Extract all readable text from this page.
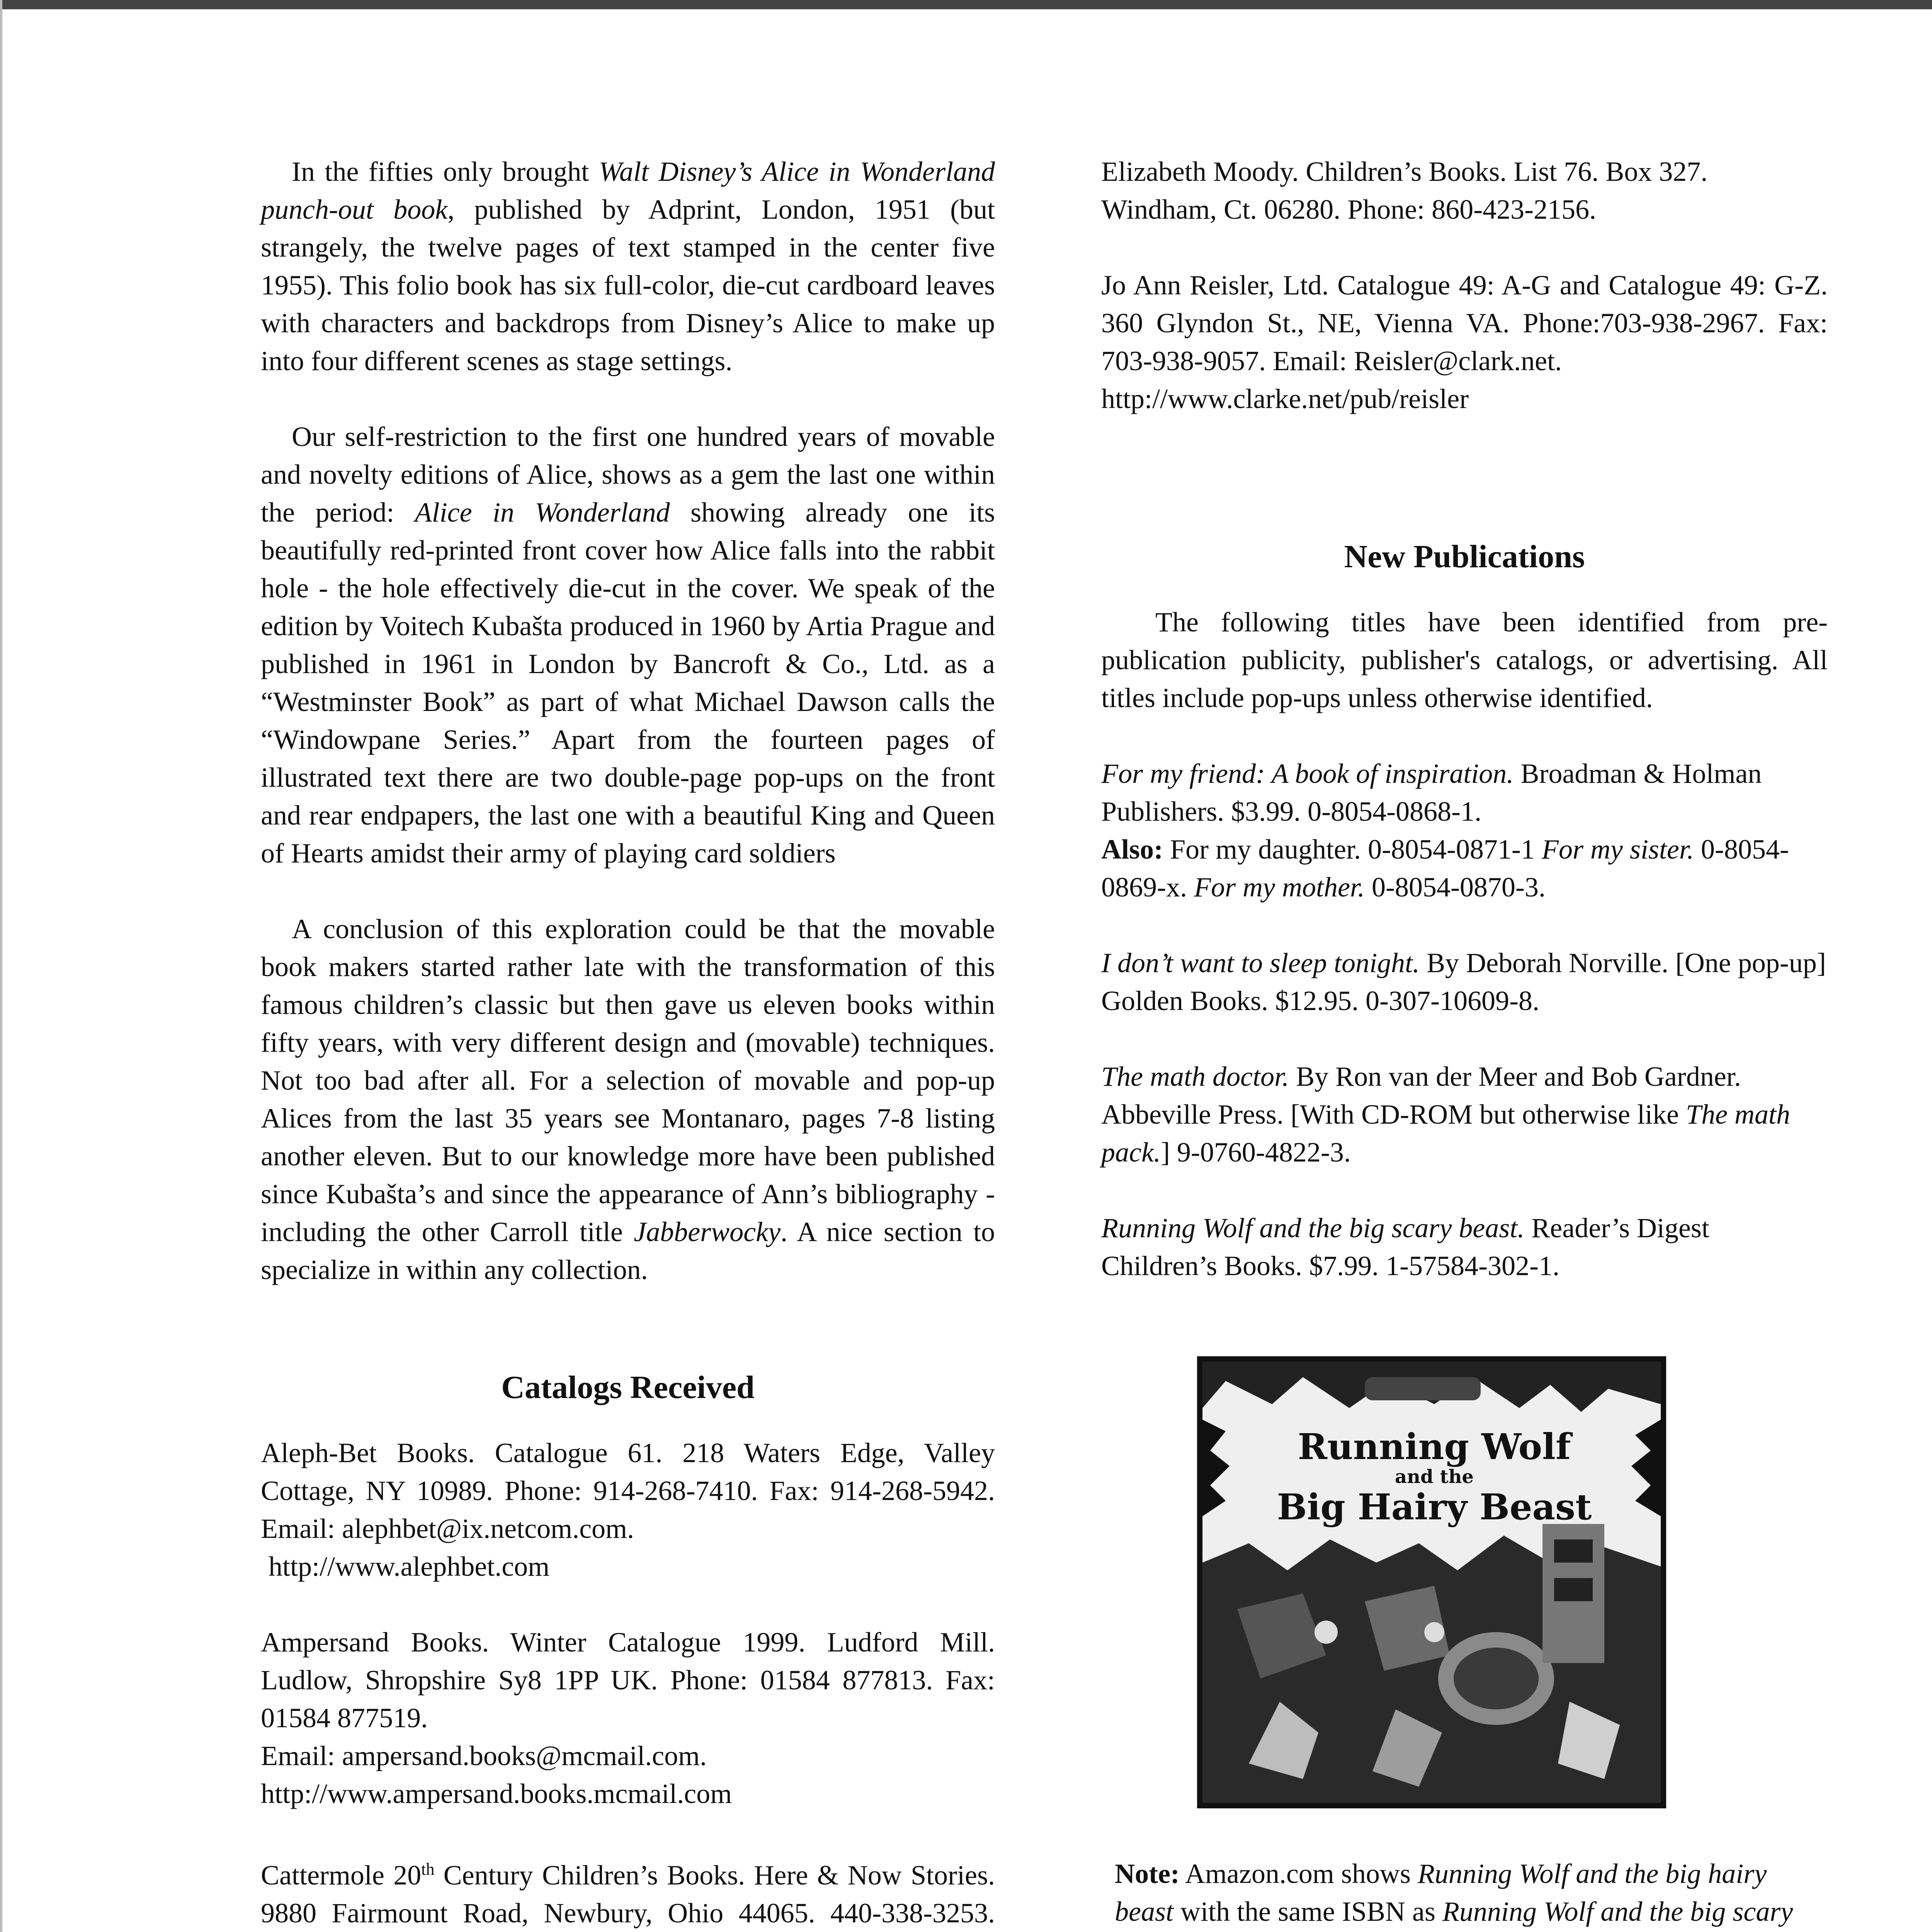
In the fifties only brought Walt Disney’s Alice in Wonderland punch-out book, published by Adprint, London, 1951 (but strangely, the twelve pages of text stamped in the center five 1955). This folio book has six full-color, die-cut cardboard leaves with characters and backdrops from Disney’s Alice to make up into four different scenes as stage settings.

Our self-restriction to the first one hundred years of movable and novelty editions of Alice, shows as a gem the last one within the period: Alice in Wonderland showing already one its beautifully red-printed front cover how Alice falls into the rabbit hole - the hole effectively die-cut in the cover. We speak of the edition by Voitech Kubašta produced in 1960 by Artia Prague and published in 1961 in London by Bancroft & Co., Ltd. as a “Westminster Book” as part of what Michael Dawson calls the “Windowpane Series.” Apart from the fourteen pages of illustrated text there are two double-page pop-ups on the front and rear endpapers, the last one with a beautiful King and Queen of Hearts amidst their army of playing card soldiers

A conclusion of this exploration could be that the movable book makers started rather late with the transformation of this famous children’s classic but then gave us eleven books within fifty years, with very different design and (movable) techniques. Not too bad after all. For a selection of movable and pop-up Alices from the last 35 years see Montanaro, pages 7-8 listing another eleven. But to our knowledge more have been published since Kubašta’s and since the appearance of Ann’s bibliography - including the other Carroll title Jabberwocky. A nice section to specialize in within any collection.

Catalogs Received

Aleph-Bet Books. Catalogue 61. 218 Waters Edge, Valley Cottage, NY 10989. Phone: 914-268-7410. Fax: 914-268-5942. Email: alephbet@ix.netcom.com.
http://www.alephbet.com

Ampersand Books. Winter Catalogue 1999. Ludford Mill. Ludlow, Shropshire Sy8 1PP UK. Phone: 01584 877813. Fax: 01584 877519.
Email: ampersand.books@mcmail.com.
http://www.ampersand.books.mcmail.com

Cattermole 20th Century Children’s Books. Here & Now Stories. 9880 Fairmount Road, Newbury, Ohio 44065. 440-338-3253.

Elizabeth Moody. Children’s Books. List 76. Box 327. Windham, Ct. 06280. Phone: 860-423-2156.

Jo Ann Reisler, Ltd. Catalogue 49: A-G and Catalogue 49: G-Z. 360 Glyndon St., NE, Vienna VA. Phone:703-938-2967. Fax: 703-938-9057. Email: Reisler@clark.net.
http://www.clarke.net/pub/reisler

New Publications

The following titles have been identified from pre-publication publicity, publisher's catalogs, or advertising. All titles include pop-ups unless otherwise identified.

For my friend: A book of inspiration. Broadman & Holman Publishers. $3.99. 0-8054-0868-1.
Also: For my daughter. 0-8054-0871-1 For my sister. 0-8054-0869-x. For my mother. 0-8054-0870-3.

I don’t want to sleep tonight. By Deborah Norville. [One pop-up] Golden Books. $12.95. 0-307-10609-8.

The math doctor. By Ron van der Meer and Bob Gardner. Abbeville Press. [With CD-ROM but otherwise like The math pack.] 9-0760-4822-3.

Running Wolf and the big scary beast. Reader’s Digest Children’s Books. $7.99. 1-57584-302-1.

Running Wolf
and the
Big Hairy Beast

Note: Amazon.com shows Running Wolf and the big hairy beast with the same ISBN as Running Wolf and the big scary
